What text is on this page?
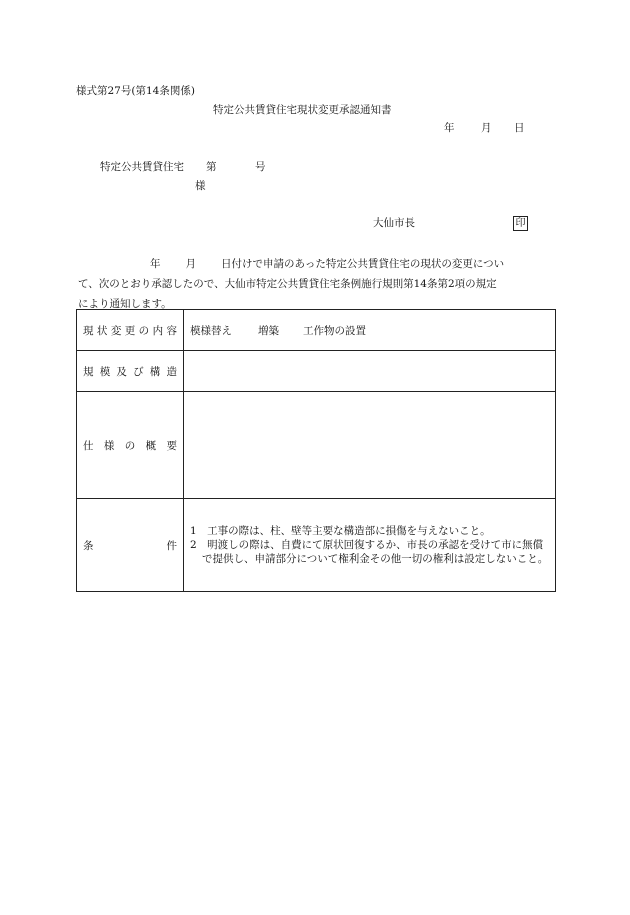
様式第27号(第14条関係)
特定公共賃貸住宅現状変更承認通知書
年	月 日
特定公共賃貸住宅 第	号
様
大仙市長	印
年 月 日付けで申請のあった特定公共賃貸住宅の現状の変更につい
て、次のとおり承認したので、大仙市特定公共賃貸住宅条例施行規則第14条第2項の規定
により通知します。
現状変更の内容	模様替え 増築 工作物の設置

規模及び構造	

仕様の概要	

条件	1　工事の際は、柱、壁等主要な構造部に損傷を与えないこと。

2　明渡しの際は、自費にて原状回復するか、市長の承認を受けて市に無償で提供し、申請部分について権利金その他一切の権利は設定しないこと。
